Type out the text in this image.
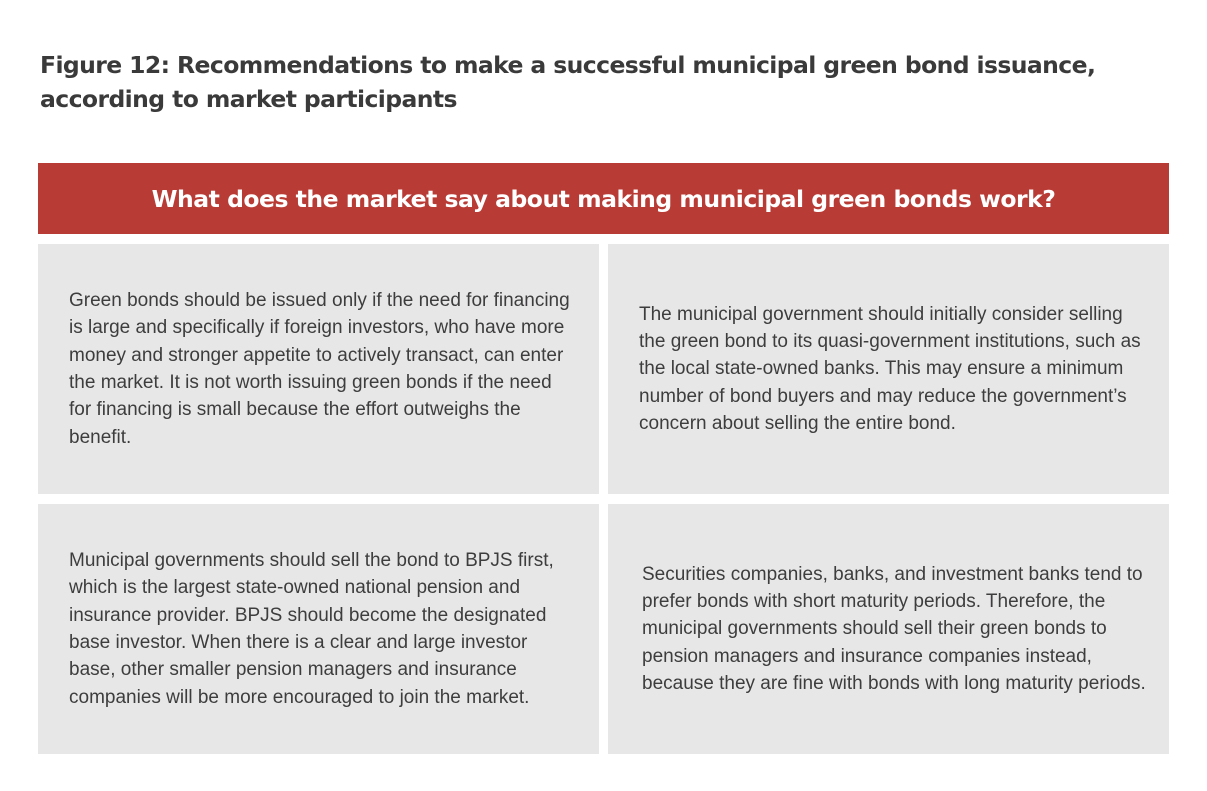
Figure 12: Recommendations to make a successful municipal green bond issuance, according to market participants
What does the market say about making municipal green bonds work?

Green bonds should be issued only if the need for financing is large and specifically if foreign investors, who have more money and stronger appetite to actively transact, can enter the market. It is not worth issuing green bonds if the need for financing is small because the effort outweighs the benefit.

The municipal government should initially consider selling the green bond to its quasi-government institutions, such as the local state-owned banks. This may ensure a minimum number of bond buyers and may reduce the government’s concern about selling the entire bond.

Municipal governments should sell the bond to BPJS first, which is the largest state-owned national pension and insurance provider. BPJS should become the designated base investor. When there is a clear and large investor base, other smaller pension managers and insurance companies will be more encouraged to join the market.

Securities companies, banks, and investment banks tend to prefer bonds with short maturity periods. Therefore, the municipal governments should sell their green bonds to pension managers and insurance companies instead, because they are fine with bonds with long maturity periods.
